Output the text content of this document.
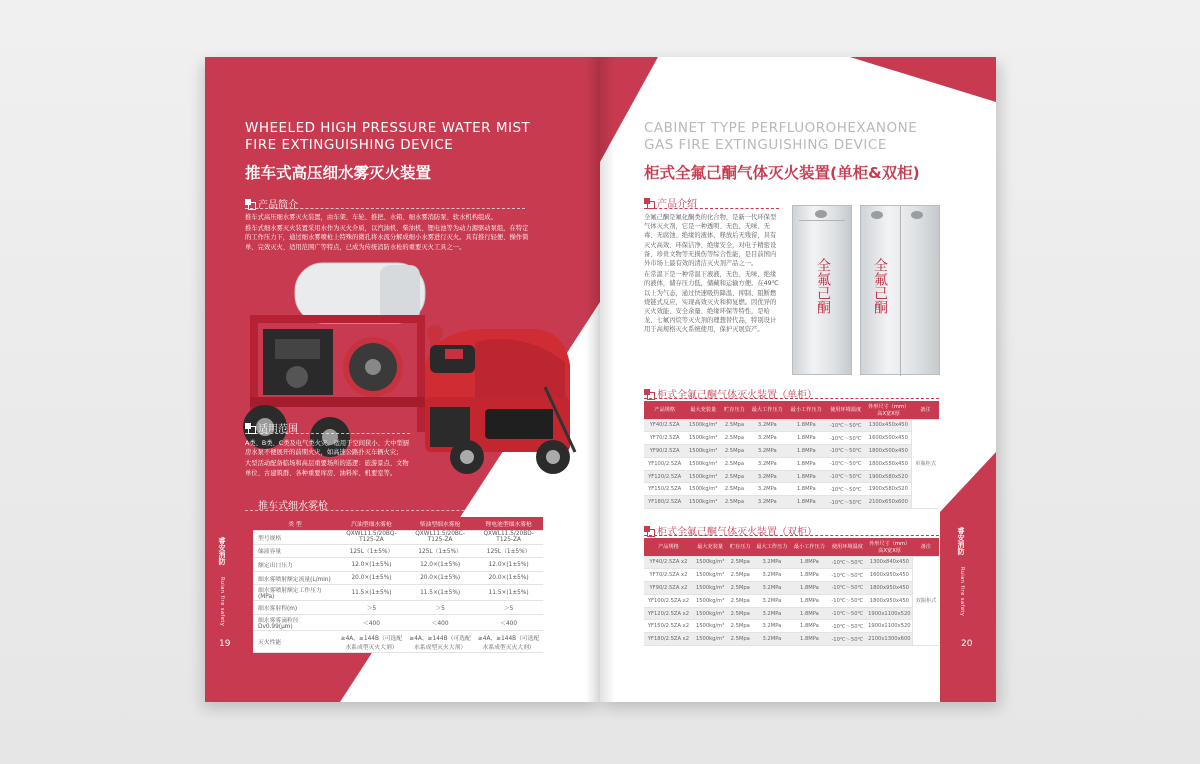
WHEELED HIGH PRESSURE WATER MIST
FIRE EXTINGUISHING DEVICE
推车式高压细水雾灭火装置
产品简介

推车式高压细水雾灭火装置，由车架、车轮、推把、水箱、细水雾消防泵、软水机构组成。

推车式细水雾灭火装置采用水作为灭火介质，以汽油机、柴油机、锂电池等为动力源驱动泵组，在特定的工作压力下，通过细水雾喷枪上特殊的微孔将水流分解成细小水雾进行灭火。具有推行轻便、操作简单、完效灭火、适用范围广等特点，已成为传统消防水枪的重要灭火工具之一。

适用范围

A类、B类、C类及电气类火灾。适用于空间狭小、大中型厨房水泵不便展开的前期火灾，如高速公路扑灭车辆火灾；

大型活动配备临场和高层重要场所的巡逻：旅游景点、文物单位、古建筑群、各种重要库房、油料库、机要室等。

推车式细水雾枪
类 型	汽油型细水雾枪	柴油型细水雾枪	锂电池型细水雾枪
型号规格	QXWL11.5/20BQ-T125-ZA	QXWL11.5/20BC-T125-ZA	QXWL11.5/20BD-T125-ZA
储液容量	125L（1±5%）	125L（1±5%）	125L（1±5%）
额定出口压力	12.0×(1±5%)	12.0×(1±5%)	12.0×(1±5%)
细水雾喷射额定流量(L/min)	20.0×(1±5%)	20.0×(1±5%)	20.0×(1±5%)
细水雾喷射额定工作压力(MPa)	11.5×(1±5%)	11.5×(1±5%)	11.5×(1±5%)
细水雾射程(m)	＞5	＞5	＞5
细水雾雾滴粒径 Dv0.99(μm)	＜400	＜400	＜400
灭火性能	≥4A、≥144B（可选配水系成型灭火大剂）	≥4A、≥144B（可选配水系成型灭火大剂）	≥4A、≥144B（可选配水系成型灭火大剂）
睿安消防
Ruian fire safety
19
CABINET TYPE PERFLUOROHEXANONE
GAS FIRE EXTINGUISHING DEVICE
柜式全氟己酮气体灭火装置(单柜&双柜)
产品介绍

全氟己酮是氟化酮类的化合物，是新一代环保型气体灭火剂，它是一种透明、无色、无味、无毒、无腐蚀、绝缘的液体，释放后无残留，具有灭火高效、环保洁净、绝缘安全，对电子精密设备、珍贵文物等无损伤等综合性能，是目前国内外市场上最有效的清洁灭火剂产品之一。

在常温下是一种常温下液液，无色、无味、绝缘的液体，储存压力低，储藏和运输方便。在49℃以上为气态，通过快速吸热降温、抑制、阻断燃烧链式反应，实现高效灭火和抑复燃。因优异的灭火效能、安全余量、绝缘环保等特性，是哈龙、七氟丙烷等灭火剂的理想替代品，特别设计用于高规格灭火系统使用，保护灭展资产。

全氟己酮	全氟己酮
柜式全氟己酮气体灭火装置（单柜）
产品规格	最大充装量	贮存压力	最大工作压力	最小工作压力	使用环境温度	外形尺寸（mm）高X宽X厚	备注
YF40/2.5ZA	1500kg/m³	2.5Mpa	3.2MPa	1.8MPa	-10℃～50℃	1300x450x450	单瓶柜式
YF70/2.5ZA	1500kg/m³	2.5Mpa	3.2MPa	1.8MPa	-10℃～50℃	1600x500x450	
YF90/2.5ZA	1500kg/m³	2.5Mpa	3.2MPa	1.8MPa	-10℃～50℃	1800x500x450	
YF100/2.5ZA	1500kg/m³	2.5Mpa	3.2MPa	1.8MPa	-10℃～50℃	1800x550x450	
YF120/2.5ZA	1500kg/m³	2.5Mpa	3.2MPa	1.8MPa	-10℃～50℃	1900x580x520	
YF150/2.5ZA	1500kg/m³	2.5Mpa	3.2MPa	1.8MPa	-10℃～50℃	1900x580x520	
YF180/2.5ZA	1500kg/m³	2.5Mpa	3.2MPa	1.8MPa	-10℃～50℃	2100x650x600	
柜式全氟己酮气体灭火装置（双柜）
产品规格	最大充装量	贮存压力	最大工作压力	最小工作压力	使用环境温度	外形尺寸（mm）高X宽X厚	备注
YF40/2.5ZA x2	1500kg/m³	2.5Mpa	3.2MPa	1.8MPa	-10℃～50℃	1300x840x450	双瓶柜式
YF70/2.5ZA x2	1500kg/m³	2.5Mpa	3.2MPa	1.8MPa	-10℃～50℃	1600x950x450	
YF90/2.5ZA x2	1500kg/m³	2.5Mpa	3.2MPa	1.8MPa	-10℃～50℃	1800x950x450	
YF100/2.5ZA x2	1500kg/m³	2.5Mpa	3.2MPa	1.8MPa	-10℃～50℃	1800x950x450	
YF120/2.5ZA x2	1500kg/m³	2.5Mpa	3.2MPa	1.8MPa	-10℃～50℃	1900x1100x520	
YF150/2.5ZA x2	1500kg/m³	2.5Mpa	3.2MPa	1.8MPa	-10℃～50℃	1900x1100x520	
YF180/2.5ZA x2	1500kg/m³	2.5Mpa	3.2MPa	1.8MPa	-10℃～50℃	2100x1300x600	
睿安消防
Ruian fire safety
20
